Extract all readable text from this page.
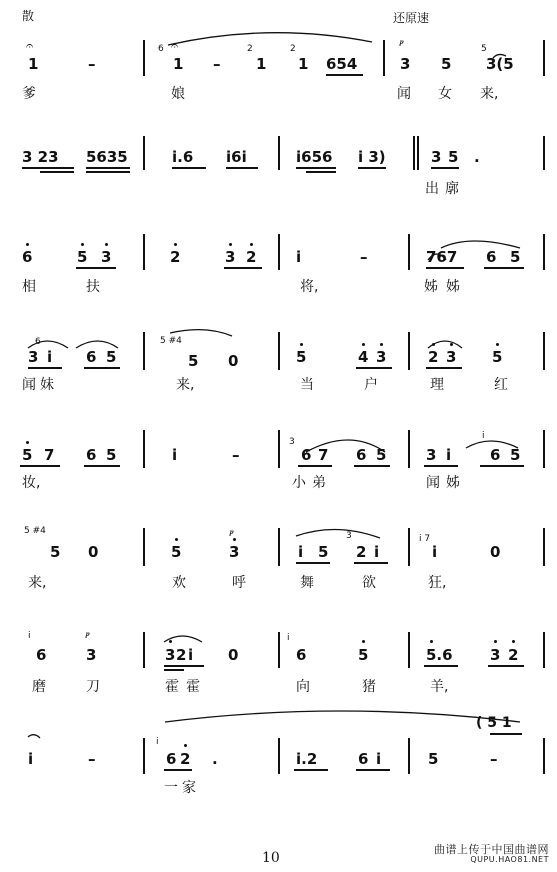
散	还原速
𝆏
𝄐	𝄐
6	2	2	5
1	–	1 – 1 1 654	3 5 3(5
爹	娘	闻 女 来,
3 23 5635	i.6 i6i	i656 i 3)	3 5 .
出 廓
6	5 3	2	3 2	i	–	767 6 5
相	扶	将,	姊 姊
6
3 i 6 5
5 #4
5 0	5	4 3	2 3 5
闻 妹	来,	当	户	理	红
5 7 6 5	i	–
3
6 7 6 5	3 i
i
6 5
妆,	小 弟	闻 姊
5 #4
5 0	5
𝆏
3	i 5
3
2 i
i 7
i	0
来,	欢	呼	舞	欲	狂,
i
6
𝆏
3	3 2 i 0
i
6	5	5.6 3 2
磨	刀	霍 霍	向	猪	羊,
( 5 1
i	–
i
6 2 .	i.2	6 i	5	–
一 家
10
曲谱上传于中国曲谱网
QUPU.HAO81.NET
